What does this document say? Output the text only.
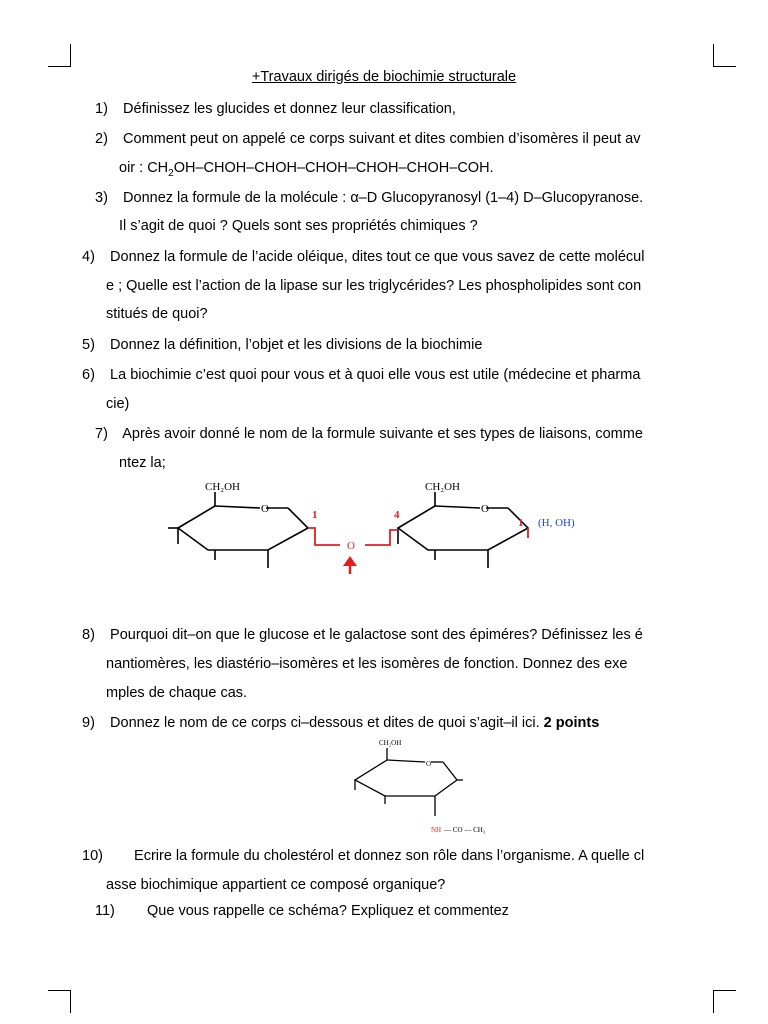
+Travaux dirigés de biochimie structurale
1) Définissez les glucides et donnez leur classification,
2) Comment peut on appelé ce corps suivant et dites combien d’isomères il peut av
oir : $CH_2OH-CHOH-CHOH-CHOH-CHOH-CHOH$–COH.
3) Donnez la formule de la molécule : α–D Glucopyranosyl (1–4) D–Glucopyranose.
Il s’agit de quoi ? Quels sont ses propriétés chimiques ?
4) Donnez la formule de l’acide oléique, dites tout ce que vous savez de cette molécul
e ; Quelle est l’action de la lipase sur les triglycérides? Les phospholipides sont con
stitués de quoi?
5) Donnez la définition, l’objet et les divisions de la biochimie
6) La biochimie c’est quoi pour vous et à quoi elle vous est utile (médecine et pharma
cie)
7) Après avoir donné le nom de la formule suivante et ses types de liaisons, comme
ntez la;
CH₂OH	CH₂OH
O	O
1	4
1
O
(H, OH)
8) Pourquoi dit–on que le glucose et le galactose sont des épiméres? Définissez les é
nantiomères, les diastério–isomères et les isomères de fonction. Donnez des exe
mples de chaque cas.
9) Donnez le nom de ce corps ci–dessous et dites de quoi s’agit–il ici. 2 points
CH₂OH
O
NH — CO — CH₃
10) Ecrire la formule du cholestérol et donnez son rôle dans l’organisme. A quelle cl
asse biochimique appartient ce composé organique?
11) Que vous rappelle ce schéma? Expliquez et commentez
